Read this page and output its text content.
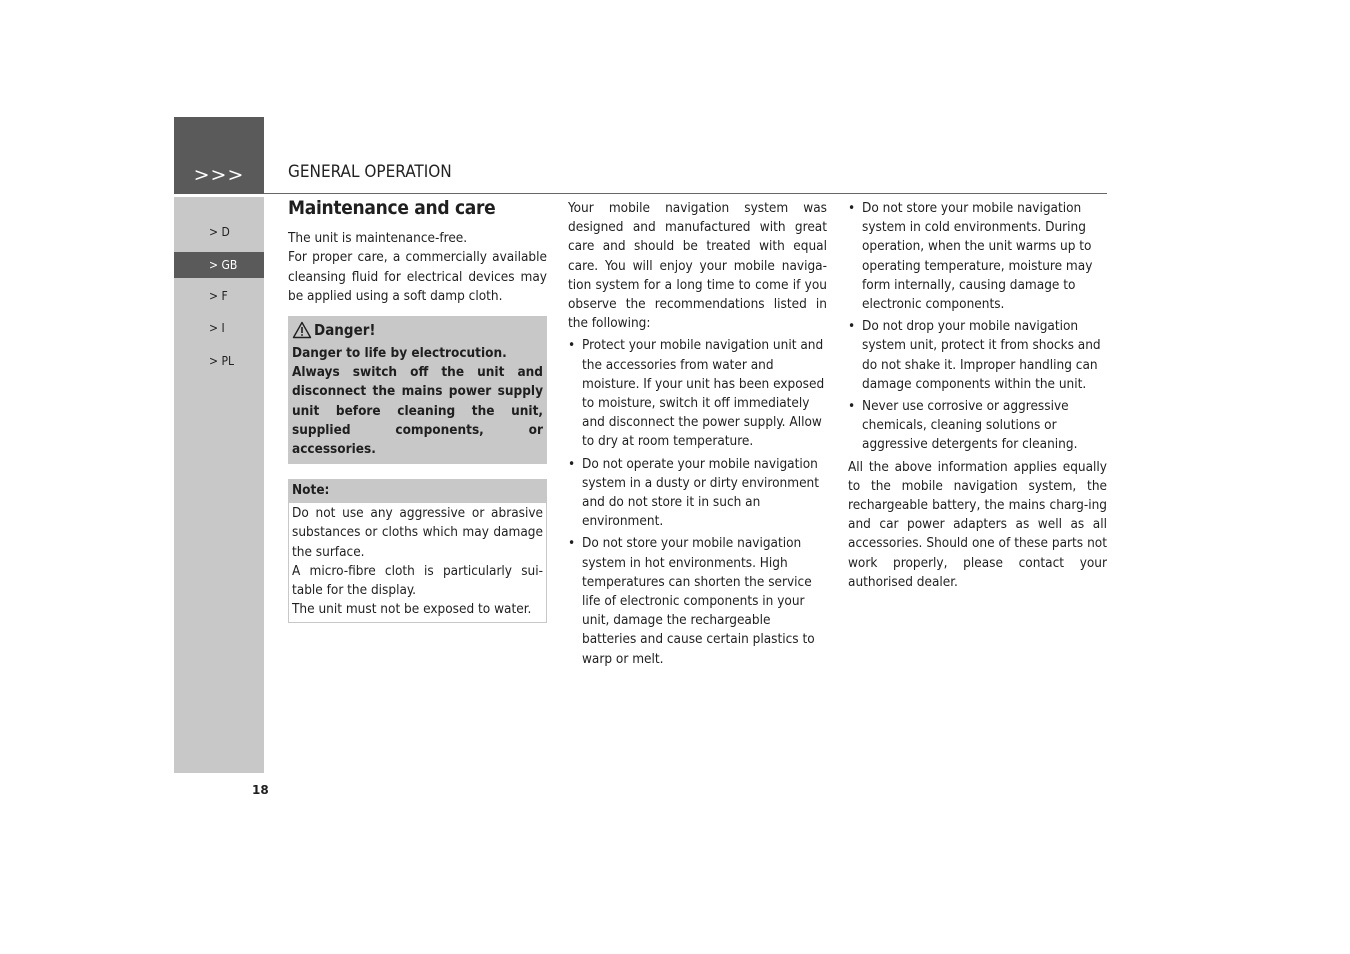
>>>	GENERAL OPERATION
> D
> GB
> F
> I
> PL
18
Maintenance and care

The unit is maintenance-free.

For proper care, a commercially available cleansing fluid for electrical devices may be applied using a soft damp cloth.

Danger!

Danger to life by electrocution.

Always switch off the unit and disconnect the mains power supply unit before cleaning the unit, supplied components, or accessories.

Note:

Do not use any aggressive or abrasive substances or cloths which may damage the surface.

A micro-fibre cloth is particularly sui-table for the display.

The unit must not be exposed to water.

Your mobile navigation system was designed and manufactured with great care and should be treated with equal care. You will enjoy your mobile naviga-tion system for a long time to come if you observe the recommendations listed in the following:

• Protect your mobile navigation unit and the accessories from water and moisture. If your unit has been exposed to moisture, switch it off immediately and disconnect the power supply. Allow to dry at room temperature.
• Do not operate your mobile navigation system in a dusty or dirty environment and do not store it in such an environment.
• Do not store your mobile navigation system in hot environments. High temperatures can shorten the service life of electronic components in your unit, damage the rechargeable batteries and cause certain plastics to warp or melt.
• Do not store your mobile navigation system in cold environments. During operation, when the unit warms up to operating temperature, moisture may form internally, causing damage to electronic components.
• Do not drop your mobile navigation system unit, protect it from shocks and do not shake it. Improper handling can damage components within the unit.
• Never use corrosive or aggressive chemicals, cleaning solutions or aggressive detergents for cleaning.

All the above information applies equally to the mobile navigation system, the rechargeable battery, the mains charg-ing and car power adapters as well as all accessories. Should one of these parts not work properly, please contact your authorised dealer.
